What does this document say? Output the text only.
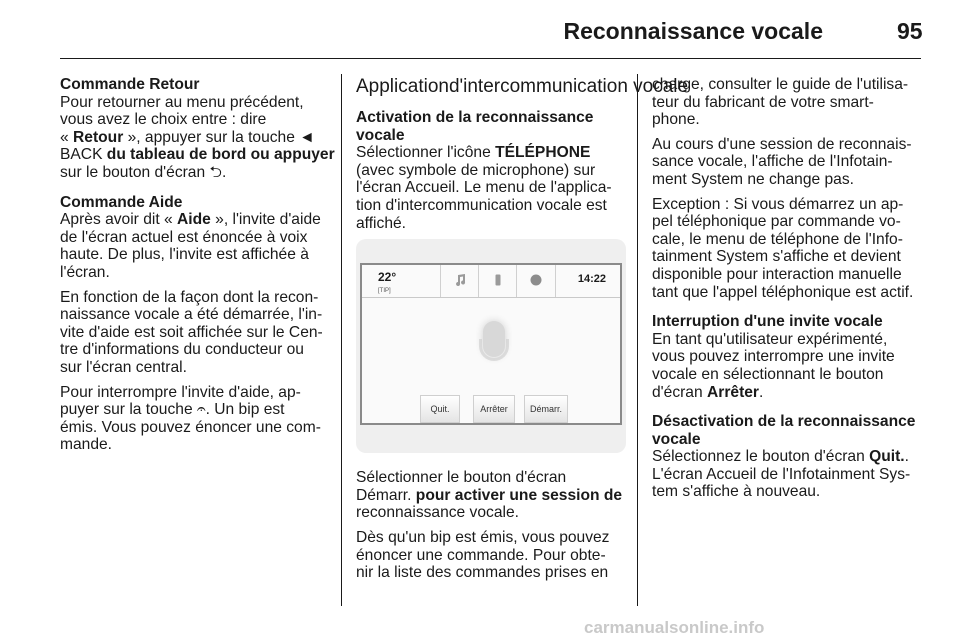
Reconnaissance vocale	95

Commande Retour
Pour retourner au menu précédent,
vous avez le choix entre : dire
« Retour », appuyer sur la touche ◄
BACK du tableau de bord ou appuyer
sur le bouton d'écran ⮌.

Commande Aide
Après avoir dit « Aide », l'invite d'aide
de l'écran actuel est énoncée à voix
haute. De plus, l'invite est affichée à
l'écran.

En fonction de la façon dont la recon-
naissance vocale a été démarrée, l'in-
vite d'aide est soit affichée sur le Cen-
tre d'informations du conducteur ou
sur l'écran central.

Pour interrompre l'invite d'aide, ap-
puyer sur la touche 𝄐. Un bip est
émis. Vous pouvez énoncer une com-
mande.

Applicationd'intercommunication vocale

Activation de la reconnaissance
vocale
Sélectionner l'icône TÉLÉPHONE
(avec symbole de microphone) sur
l'écran Accueil. Le menu de l'applica-
tion d'intercommunication vocale est
affiché.

22°
[TIP]
14:22
Quit.	Arrêter	Démarr.

Sélectionner le bouton d'écran
Démarr. pour activer une session de
reconnaissance vocale.

Dès qu'un bip est émis, vous pouvez
énoncer une commande. Pour obte-
nir la liste des commandes prises en

charge, consulter le guide de l'utilisa-
teur du fabricant de votre smart-
phone.

Au cours d'une session de reconnais-
sance vocale, l'affiche de l'Infotain-
ment System ne change pas.

Exception : Si vous démarrez un ap-
pel téléphonique par commande vo-
cale, le menu de téléphone de l'Info-
tainment System s'affiche et devient
disponible pour interaction manuelle
tant que l'appel téléphonique est actif.

Interruption d'une invite vocale
En tant qu'utilisateur expérimenté,
vous pouvez interrompre une invite
vocale en sélectionnant le bouton
d'écran Arrêter.

Désactivation de la reconnaissance
vocale
Sélectionnez le bouton d'écran Quit..
L'écran Accueil de l'Infotainment Sys-
tem s'affiche à nouveau.

carmanualsonline.info
